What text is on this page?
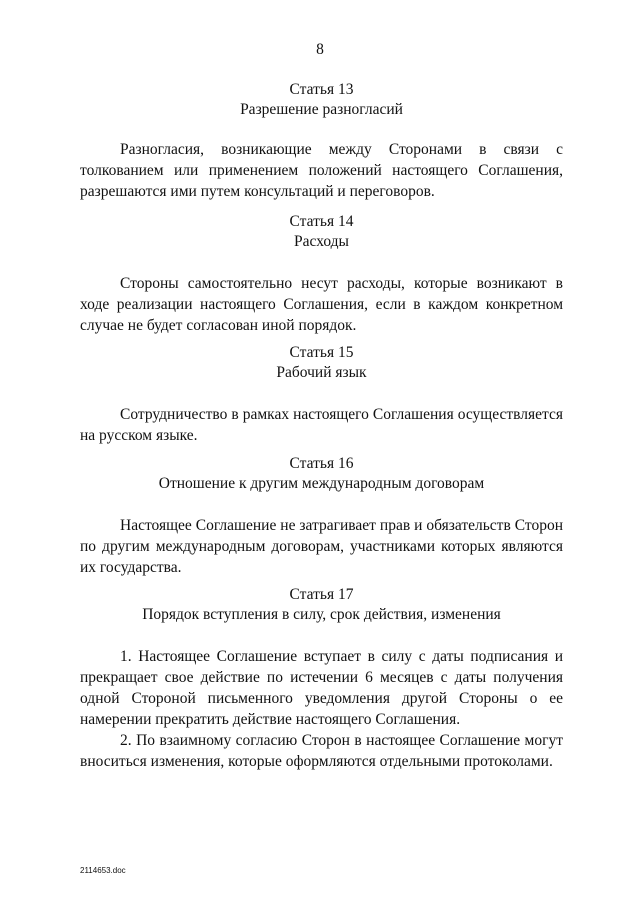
8
Статья 13
Разрешение разногласий

Разногласия, возникающие между Сторонами в связи с толкованием или применением положений настоящего Соглашения, разрешаются ими путем консультаций и переговоров.

Статья 14
Расходы

Стороны самостоятельно несут расходы, которые возникают в ходе реализации настоящего Соглашения, если в каждом конкретном случае не будет согласован иной порядок.

Статья 15
Рабочий язык

Сотрудничество в рамках настоящего Соглашения осуществляется на русском языке.

Статья 16
Отношение к другим международным договорам

Настоящее Соглашение не затрагивает прав и обязательств Сторон по другим международным договорам, участниками которых являются их государства.

Статья 17
Порядок вступления в силу, срок действия, изменения

1. Настоящее Соглашение вступает в силу с даты подписания и прекращает свое действие по истечении 6 месяцев с даты получения одной Стороной письменного уведомления другой Стороны о ее намерении прекратить действие настоящего Соглашения.

2. По взаимному согласию Сторон в настоящее Соглашение могут вноситься изменения, которые оформляются отдельными протоколами.

2114653.doc
